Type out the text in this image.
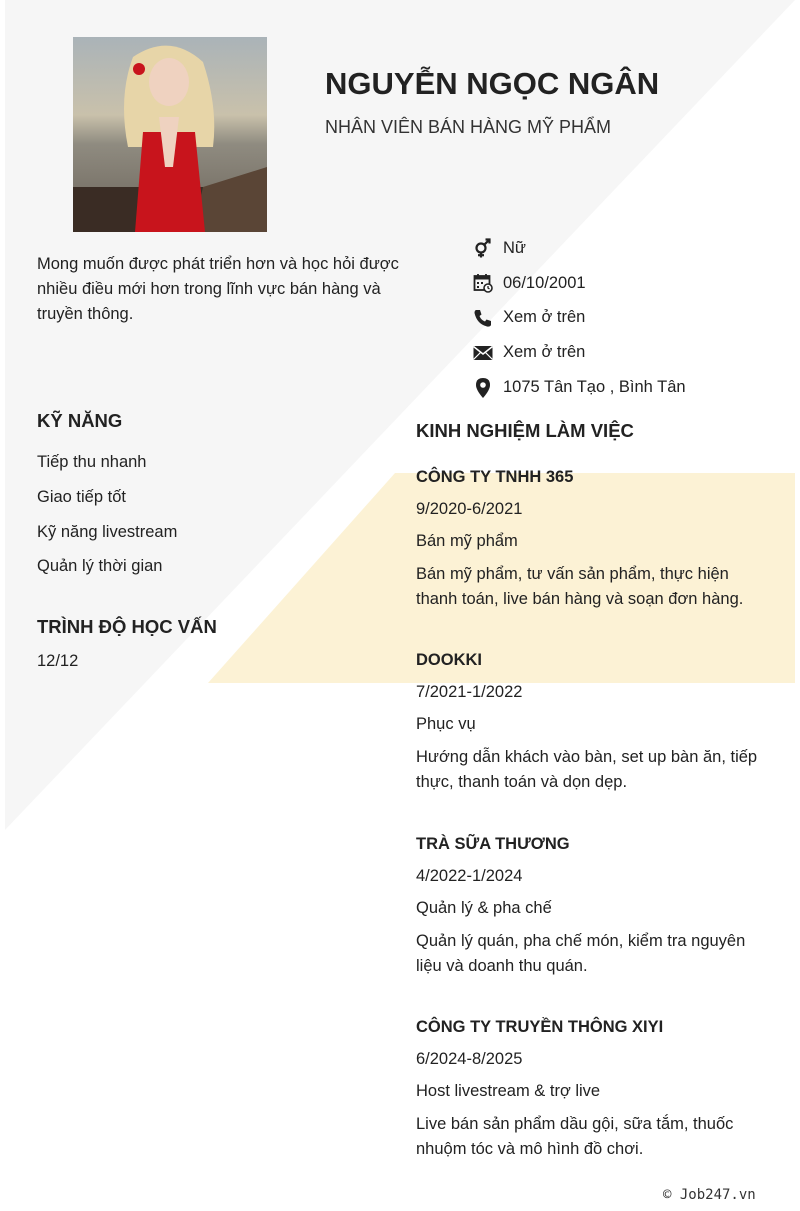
NGUYỄN NGỌC NGÂN
NHÂN VIÊN BÁN HÀNG MỸ PHẨM
Mong muốn được phát triển hơn và học hỏi được nhiều điều mới hơn trong lĩnh vực bán hàng và truyền thông.
Nữ
06/10/2001
Xem ở trên
Xem ở trên
1075 Tân Tạo , Bình Tân
KỸ NĂNG
Tiếp thu nhanh
Giao tiếp tốt
Kỹ năng livestream
Quản lý thời gian
TRÌNH ĐỘ HỌC VẤN
12/12
KINH NGHIỆM LÀM VIỆC
CÔNG TY TNHH 365
9/2020-6/2021
Bán mỹ phẩm
Bán mỹ phẩm, tư vấn sản phẩm, thực hiện thanh toán, live bán hàng và soạn đơn hàng.
DOOKKI
7/2021-1/2022
Phục vụ
Hướng dẫn khách vào bàn, set up bàn ăn, tiếp thực, thanh toán và dọn dẹp.
TRÀ SỮA THƯƠNG
4/2022-1/2024
Quản lý & pha chế
Quản lý quán, pha chế món, kiểm tra nguyên liệu và doanh thu quán.
CÔNG TY TRUYỀN THÔNG XIYI
6/2024-8/2025
Host livestream & trợ live
Live bán sản phẩm dầu gội, sữa tắm, thuốc nhuộm tóc và mô hình đồ chơi.
© Job247.vn
